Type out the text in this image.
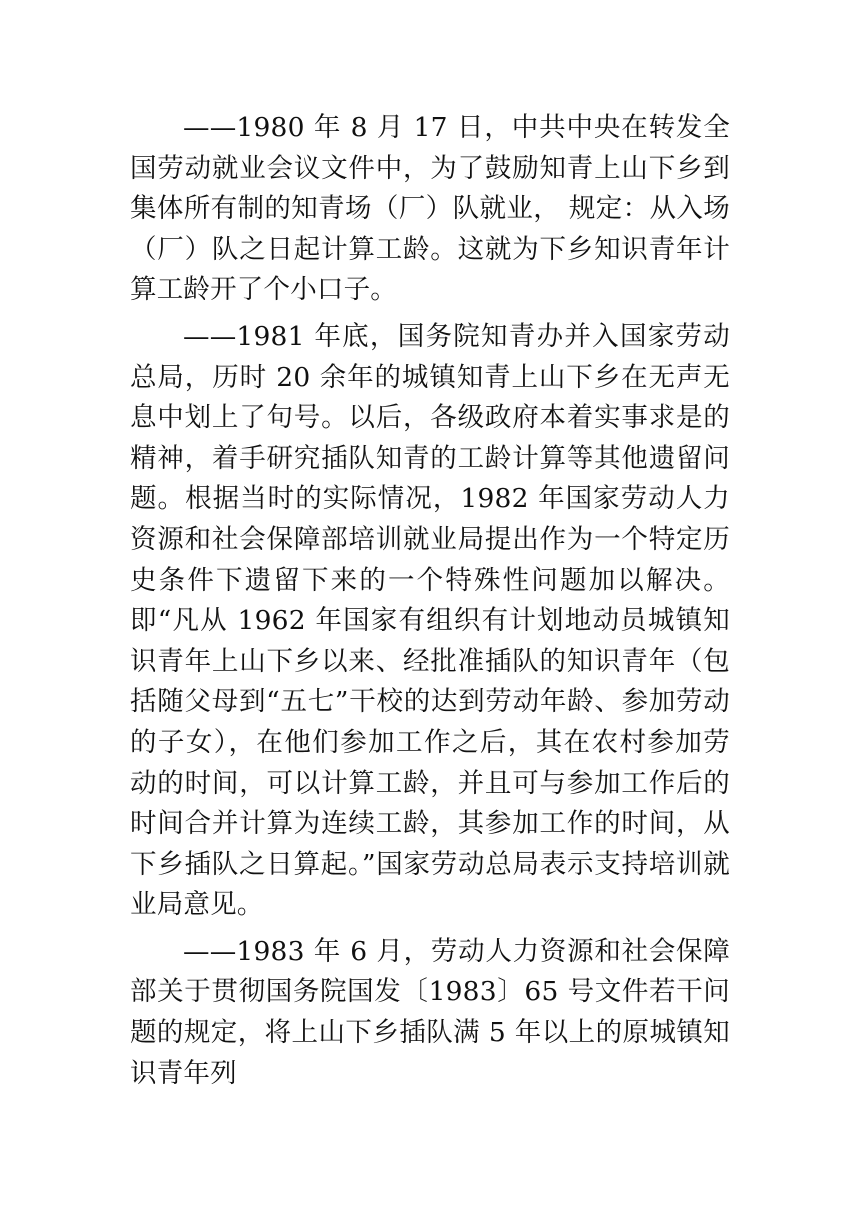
——1980 年 8 月 17 日，中共中央在转发全国劳动就业会议文件中，为了鼓励知青上山下乡到集体所有制的知青场（厂）队就业， 规定：从入场（厂）队之日起计算工龄。这就为下乡知识青年计算工龄开了个小口子。

——1981 年底，国务院知青办并入国家劳动总局，历时 20 余年的城镇知青上山下乡在无声无息中划上了句号。以后，各级政府本着实事求是的精神，着手研究插队知青的工龄计算等其他遗留问题。根据当时的实际情况，1982 年国家劳动人力资源和社会保障部培训就业局提出作为一个特定历史条件下遗留下来的一个特殊性问题加以解决。即“凡从 1962 年国家有组织有计划地动员城镇知识青年上山下乡以来、经批准插队的知识青年（包括随父母到“五七”干校的达到劳动年龄、参加劳动的子女），在他们参加工作之后，其在农村参加劳动的时间，可以计算工龄，并且可与参加工作后的时间合并计算为连续工龄，其参加工作的时间，从下乡插队之日算起。”国家劳动总局表示支持培训就业局意见。

——1983 年 6 月，劳动人力资源和社会保障部关于贯彻国务院国发〔1983〕65 号文件若干问题的规定，将上山下乡插队满 5 年以上的原城镇知识青年列
